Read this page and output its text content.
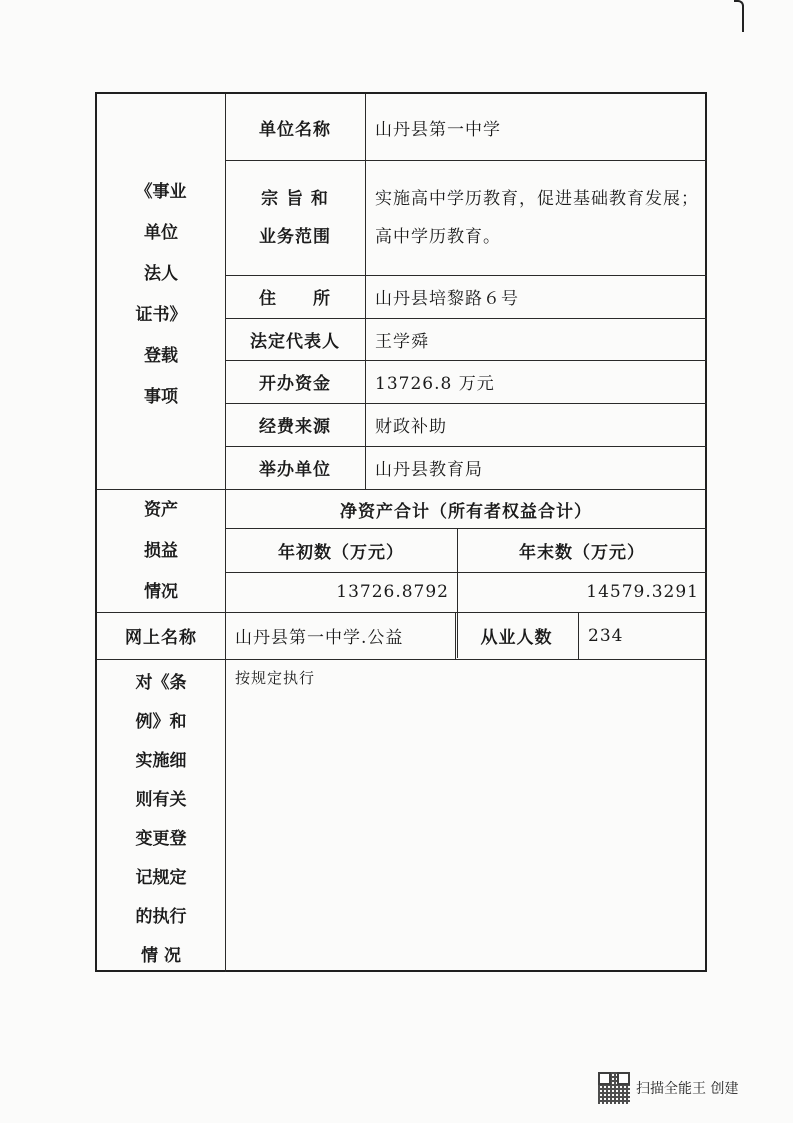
《事业
单位
法人
证书》
登载
事项
单位名称	山丹县第一中学
宗 旨 和
业务范围
实施高中学历教育，促进基础教育发展；
高中学历教育。
住　　所	山丹县培黎路６号
法定代表人	王学舜
开办资金	13726.8 万元
经费来源	财政补助
举办单位	山丹县教育局
资产
损益
情况
净资产合计（所有者权益合计）
年初数（万元）	年末数（万元）
13726.8792	14579.3291
网上名称	山丹县第一中学.公益	从业人数	234
对《条
例》和
实施细
则有关
变更登
记规定
的执行
情 况
按规定执行
扫描全能王 创建
